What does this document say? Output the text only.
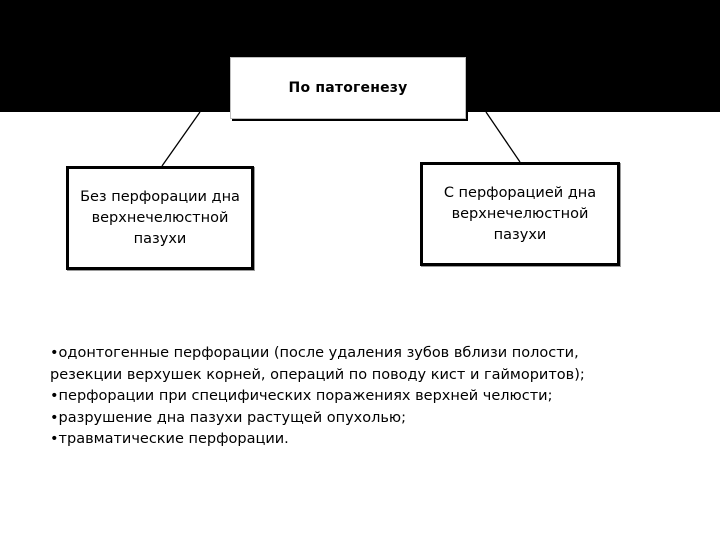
По патогенезу
Без перфорации дна
верхнечелюстной
пазухи
С перфорацией дна
верхнечелюстной
пазухи
•одонтогенные перфорации (после удаления зубов вблизи полости,
резекции верхушек корней, операций по поводу кист и гайморитов);
•перфорации при специфических поражениях верхней челюсти;
•разрушение дна пазухи растущей опухолью;
•травматические перфорации.
